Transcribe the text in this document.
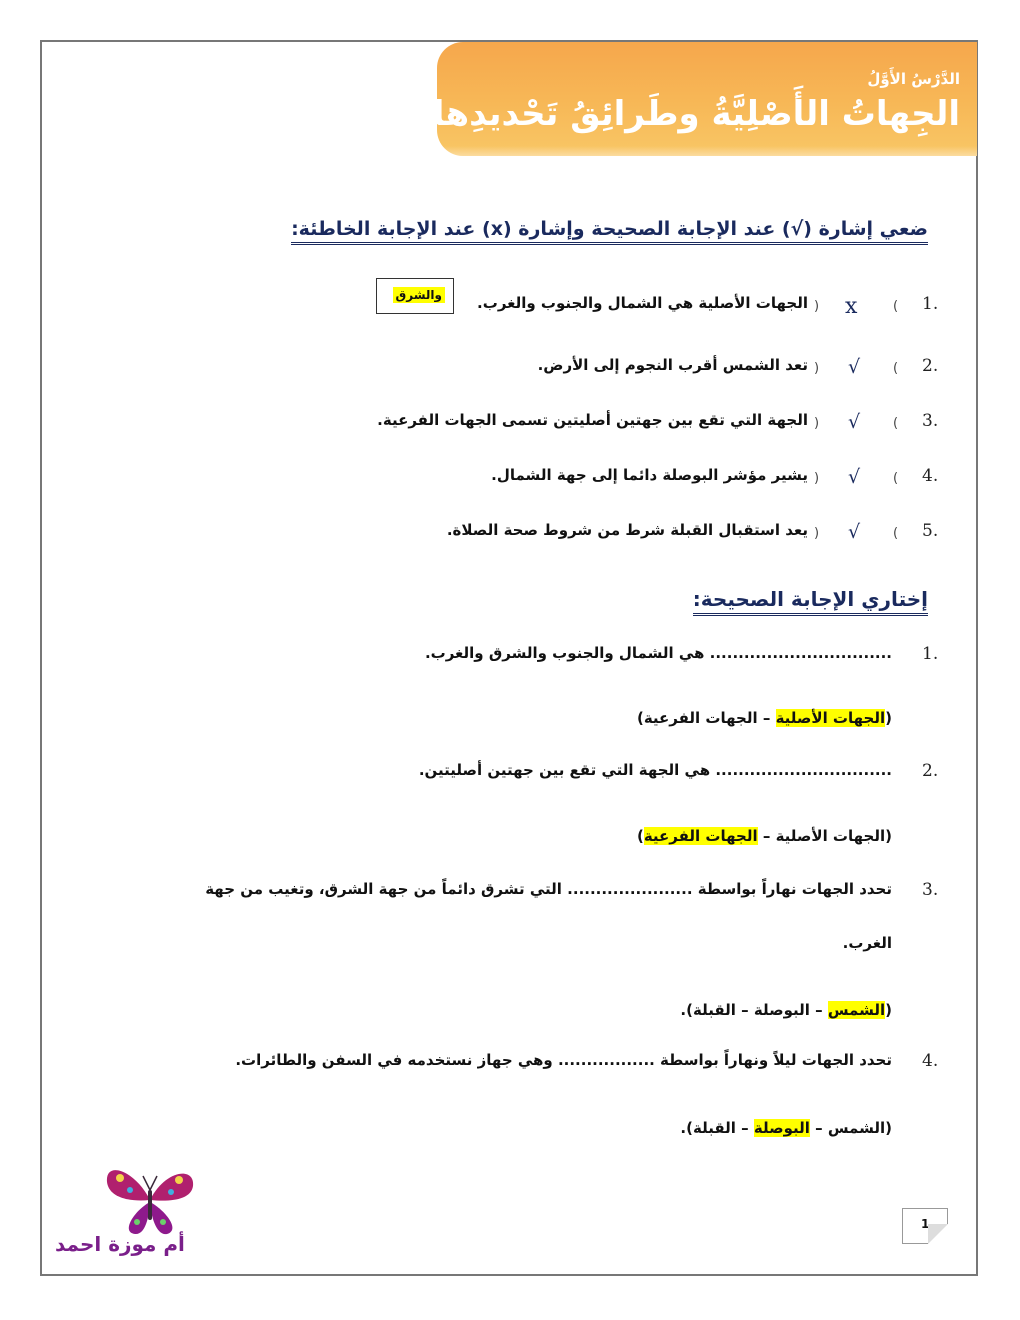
الدَّرْسُ الأَوَّلُ
الجِهاتُ الأَصْلِيَّةُ وطَرائِقُ تَحْديدِها
ضعي إشارة (√) عند الإجابة الصحيحة وإشارة (x) عند الإجابة الخاطئة:
1.
(
x
)
الجهات الأصلية هي الشمال والجنوب والغرب.
والشرق
2.
(
√
)
تعد الشمس أقرب النجوم إلى الأرض.
3.
(
√
)
الجهة التي تقع بين جهتين أصليتين تسمى الجهات الفرعية.
4.
(
√
)
يشير مؤشر البوصلة دائما إلى جهة الشمال.
5.
(
√
)
يعد استقبال القبلة شرط من شروط صحة الصلاة.
إختاري الإجابة الصحيحة:
1.
................................ هي الشمال والجنوب والشرق والغرب.
(الجهات الأصلية – الجهات الفرعية)
2.
............................... هي الجهة التي تقع بين جهتين أصليتين.
(الجهات الأصلية – الجهات الفرعية)
3.
تحدد الجهات نهاراً بواسطة ...................... التي تشرق دائماً من جهة الشرق، وتغيب من جهة
الغرب.
(الشمس – البوصلة – القبلة).
4.
تحدد الجهات ليلاً ونهاراً بواسطة ................. وهي جهاز نستخدمه في السفن والطائرات.
(الشمس – البوصلة – القبلة).
أم موزة احمد
1
